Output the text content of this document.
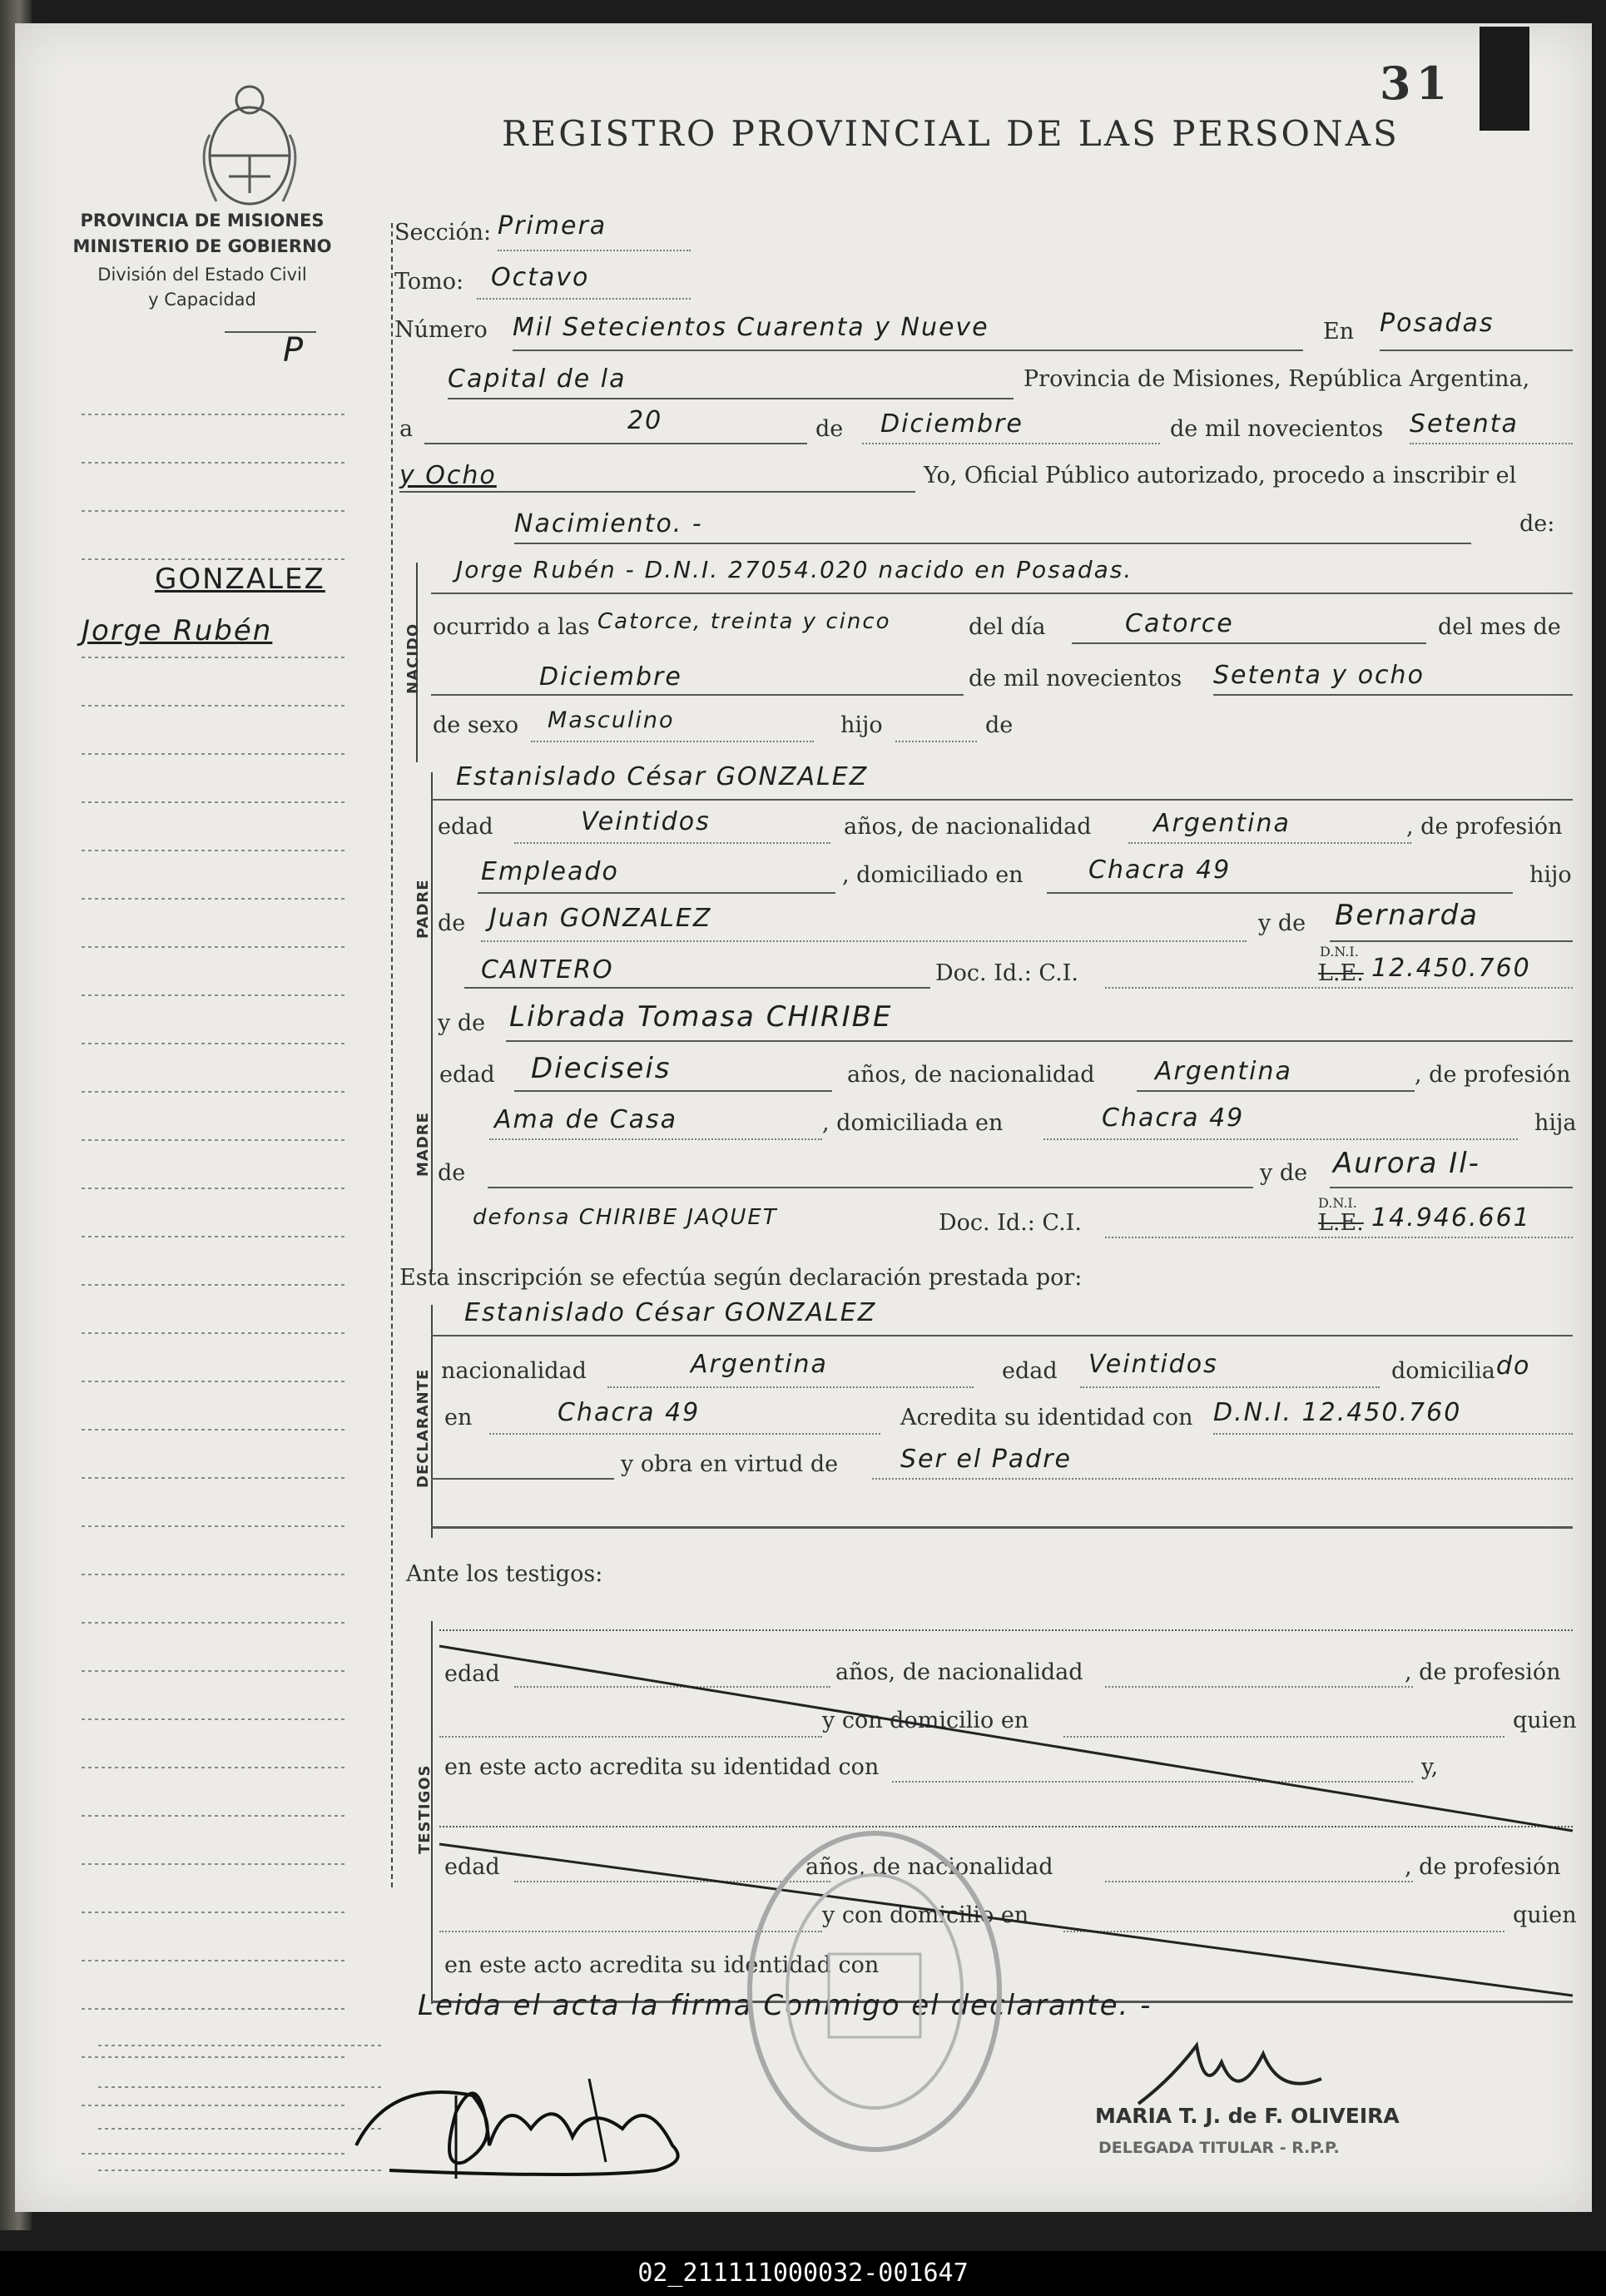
31
REGISTRO PROVINCIAL DE LAS PERSONAS
PROVINCIA DE MISIONES
MINISTERIO DE GOBIERNO
División del Estado Civil
y Capacidad
P
GONZALEZ
Jorge Rubén
Sección: Primera
Tomo: Octavo
Número Mil Setecientos Cuarenta y Nueve	En Posadas
Capital de la	Provincia de Misiones, República Argentina,
a	20	de Diciembre	de mil novecientos Setenta
y Ocho	Yo, Oficial Público autorizado, procedo a inscribir el
Nacimiento. -	de:
NACIDO
Jorge Rubén - D.N.I. 27054.020 nacido en Posadas.
ocurrido a las Catorce, treinta y cinco	del día	Catorce	del mes de
Diciembre	de mil novecientos Setenta y ocho
de sexo Masculino	hijo	de
PADRE
Estanislado César GONZALEZ
edad	Veintidos	años, de nacionalidad Argentina	, de profesión
Empleado	, domiciliado en	Chacra 49	hijo
de Juan GONZALEZ	y de Bernarda
CANTERO	Doc. Id.: C.I.
D.N.I.
L.E. 12.450.760
MADRE
y de Librada Tomasa CHIRIBE
edad Dieciseis	años, de nacionalidad Argentina	, de profesión
Ama de Casa	, domiciliada en	Chacra 49	hija
de	y de Aurora Il-
defonsa CHIRIBE JAQUET	Doc. Id.: C.I.
D.N.I.
L.E. 14.946.661
Esta inscripción se efectúa según declaración prestada por:
DECLARANTE
Estanislado César GONZALEZ
nacionalidad	Argentina	edad Veintidos	domicilia do
en	Chacra 49	Acredita su identidad con D.N.I. 12.450.760
y obra en virtud de Ser el Padre
Ante los testigos:
TESTIGOS
edad	años, de nacionalidad	, de profesión
y con domicilio en	quien
en este acto acredita su identidad con	y,
edad	años, de nacionalidad	, de profesión
y con domicilio en	quien
en este acto acredita su identidad con
Leida el acta la firma Conmigo el declarante. -
MARIA T. J. de F. OLIVEIRA
DELEGADA TITULAR - R.P.P.
02_211111000032-001647
